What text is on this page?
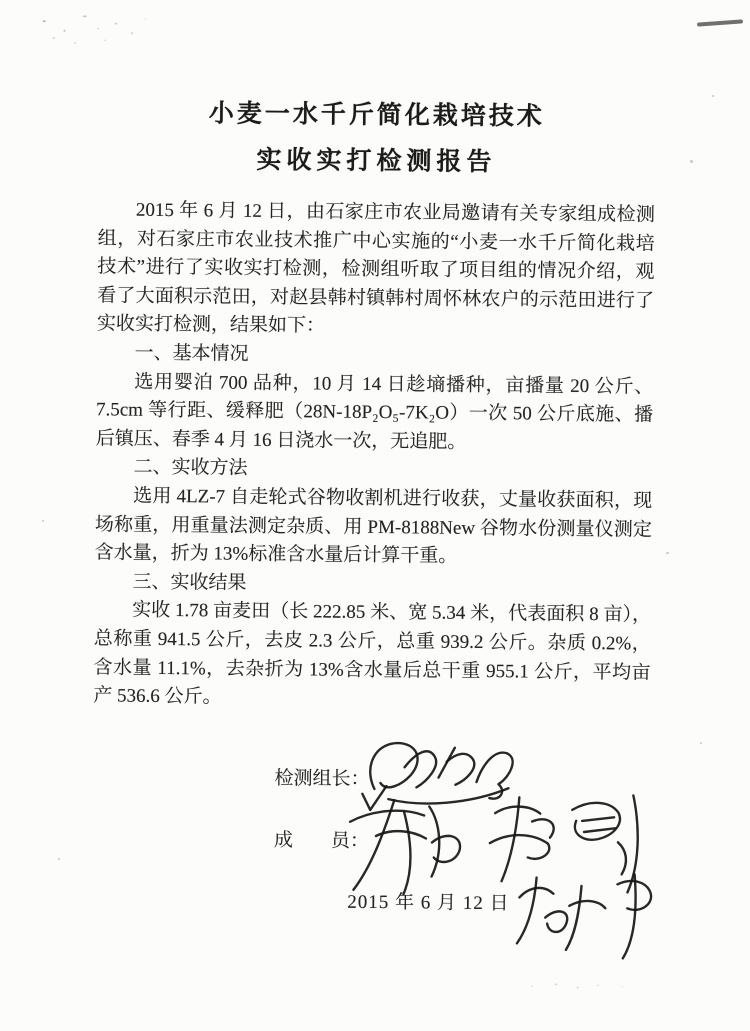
小麦一水千斤简化栽培技术
实收实打检测报告

2015 年 6 月 12 日，由石家庄市农业局邀请有关专家组成检测组，对石家庄市农业技术推广中心实施的“小麦一水千斤简化栽培技术”进行了实收实打检测，检测组听取了项目组的情况介绍，观看了大面积示范田，对赵县韩村镇韩村周怀林农户的示范田进行了实收实打检测，结果如下：

一、基本情况

选用婴泊 700 品种，10 月 14 日趁墒播种，亩播量 20 公斤、7.5cm 等行距、缓释肥（28N-18P₂O₅-7K₂O）一次 50 公斤底施、播后镇压、春季 4 月 16 日浇水一次，无追肥。

二、实收方法

选用 4LZ-7 自走轮式谷物收割机进行收获，丈量收获面积，现场称重，用重量法测定杂质、用 PM-8188New 谷物水份测量仪测定含水量，折为 13%标准含水量后计算干重。

三、实收结果

实收 1.78 亩麦田（长 222.85 米、宽 5.34 米，代表面积 8 亩），总称重 941.5 公斤，去皮 2.3 公斤，总重 939.2 公斤。杂质 0.2%，含水量 11.1%，去杂折为 13%含水量后总干重 955.1 公斤，平均亩产 536.6 公斤。

检测组长：
成　　员：
2015 年 6 月 12 日
